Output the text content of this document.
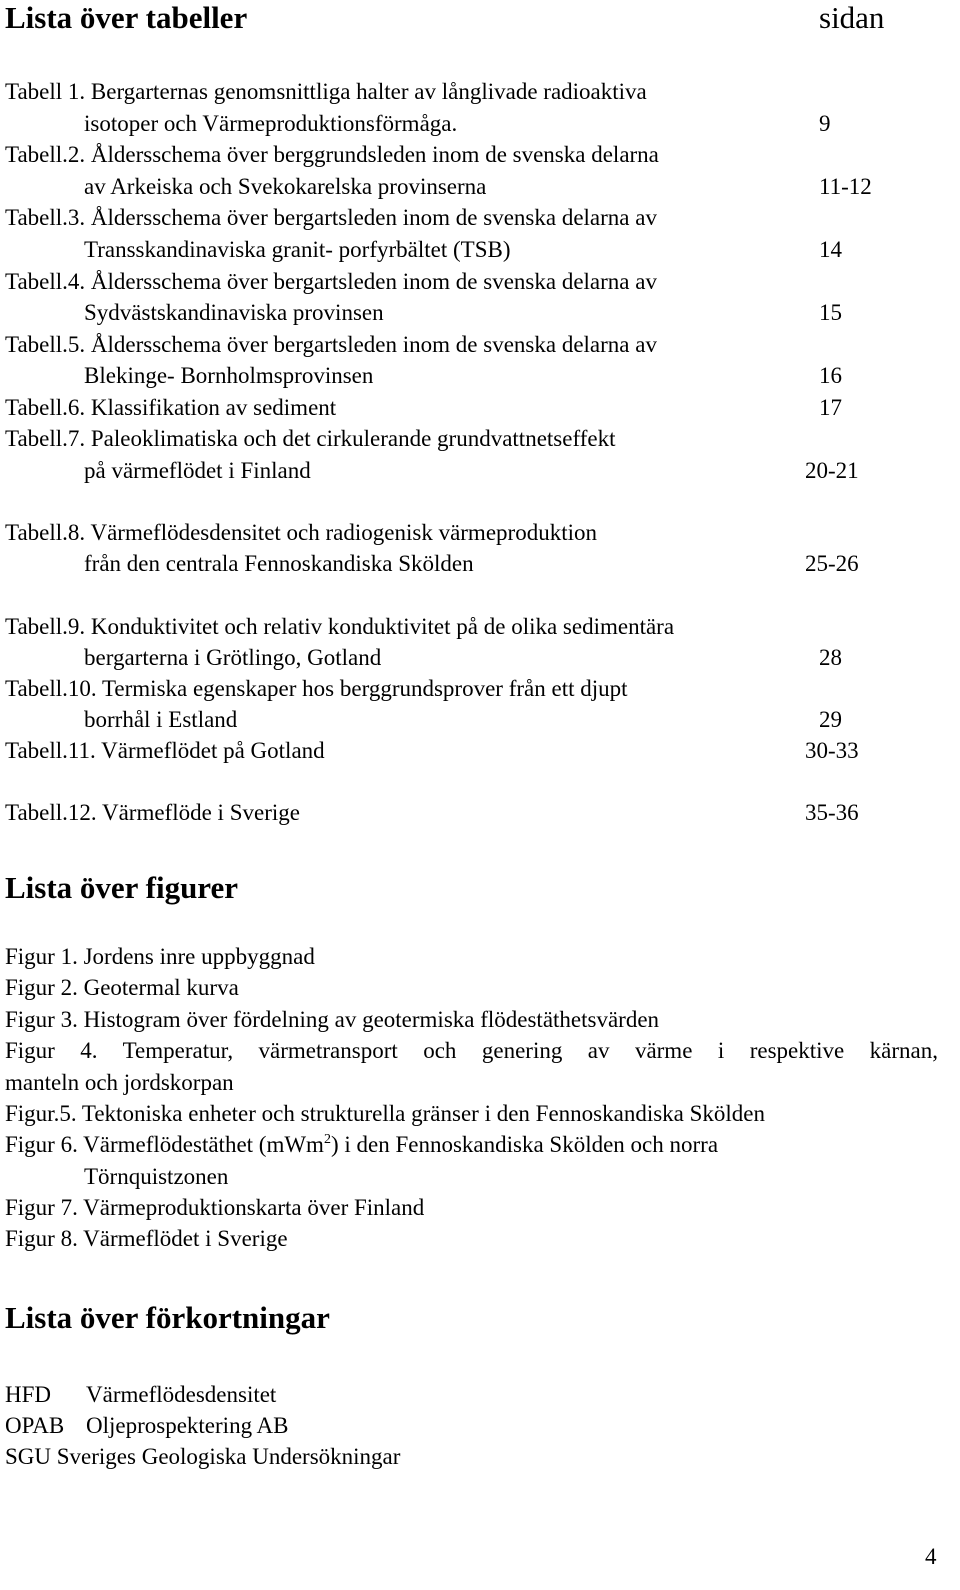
Lista över tabeller	sidan
Tabell 1. Bergarternas genomsnittliga halter av långlivade radioaktiva
isotoper och Värmeproduktionsförmåga.	9
Tabell.2. Åldersschema över berggrundsleden inom de svenska delarna
av Arkeiska och Svekokarelska provinserna	11-12
Tabell.3. Åldersschema över bergartsleden inom de svenska delarna av
Transskandinaviska granit- porfyrbältet (TSB)	14
Tabell.4. Åldersschema över bergartsleden inom de svenska delarna av
Sydvästskandinaviska provinsen	15
Tabell.5. Åldersschema över bergartsleden inom de svenska delarna av
Blekinge- Bornholmsprovinsen	16
Tabell.6. Klassifikation av sediment	17
Tabell.7. Paleoklimatiska och det cirkulerande grundvattnetseffekt
på värmeflödet i Finland	20-21
Tabell.8. Värmeflödesdensitet och radiogenisk värmeproduktion
från den centrala Fennoskandiska Skölden	25-26
Tabell.9. Konduktivitet och relativ konduktivitet på de olika sedimentära
bergarterna i Grötlingo, Gotland	28
Tabell.10. Termiska egenskaper hos berggrundsprover från ett djupt
borrhål i Estland	29
Tabell.11. Värmeflödet på Gotland	30-33
Tabell.12. Värmeflöde i Sverige	35-36
Lista över figurer
Figur 1. Jordens inre uppbyggnad
Figur 2. Geotermal kurva
Figur 3. Histogram över fördelning av geotermiska flödestäthetsvärden
Figur 4. Temperatur, värmetransport och genering av värme i respektive kärnan,
manteln och jordskorpan
Figur.5. Tektoniska enheter och strukturella gränser i den Fennoskandiska Skölden
Figur 6. Värmeflödestäthet (mWm$^2$) i den Fennoskandiska Skölden och norra
Törnquistzonen
Figur 7. Värmeproduktionskarta över Finland
Figur 8. Värmeflödet i Sverige
Lista över förkortningar
HFD Värmeflödesdensitet
OPAB Oljeprospektering AB
SGU Sveriges Geologiska Undersökningar
4
